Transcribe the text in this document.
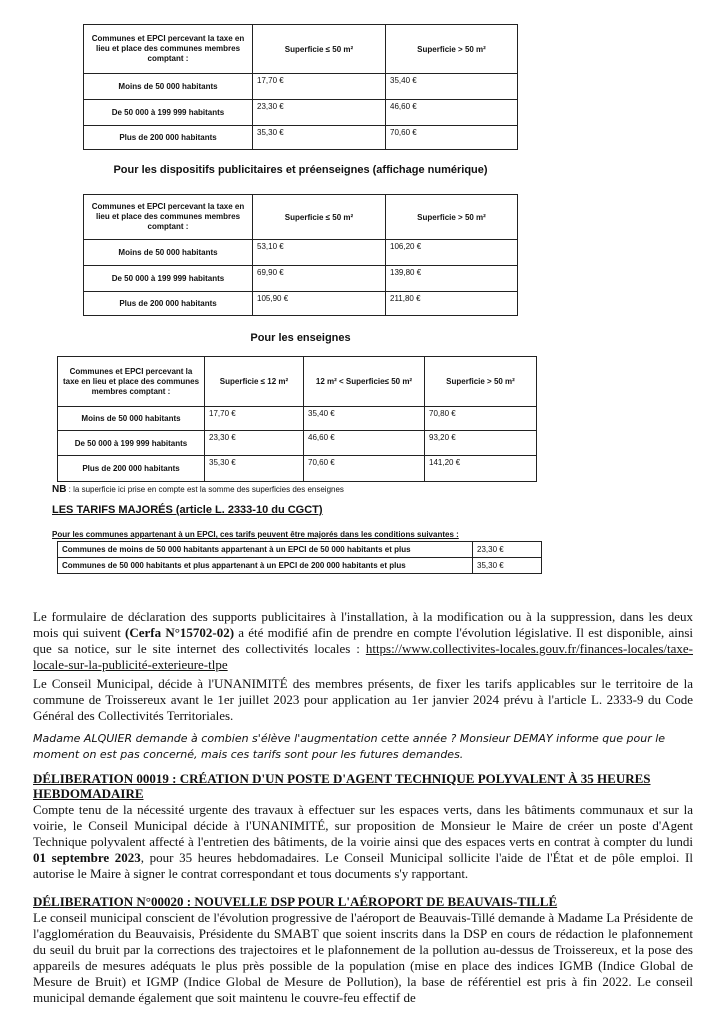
Communes et EPCI percevant la taxe en lieu et place des communes membres comptant :	Superficie ≤ 50 m²	Superficie > 50 m²
Moins de 50 000 habitants	17,70 €	35,40 €
De 50 000 à 199 999 habitants	23,30 €	46,60 €
Plus de 200 000 habitants	35,30 €	70,60 €
Pour les dispositifs publicitaires et préenseignes (affichage numérique)
Communes et EPCI percevant la taxe en lieu et place des communes membres comptant :	Superficie ≤ 50 m²	Superficie > 50 m²
Moins de 50 000 habitants	53,10 €	106,20 €
De 50 000 à 199 999 habitants	69,90 €	139,80 €
Plus de 200 000 habitants	105,90 €	211,80 €
Pour les enseignes
Communes et EPCI percevant la taxe en lieu et place des communes membres comptant :	Superficie ≤ 12 m²	12 m² < Superficie≤ 50 m²	Superficie > 50 m²
Moins de 50 000 habitants	17,70 €	35,40 €	70,80 €
De 50 000 à 199 999 habitants	23,30 €	46,60 €	93,20 €
Plus de 200 000 habitants	35,30 €	70,60 €	141,20 €
NB : la superficie ici prise en compte est la somme des superficies des enseignes
LES TARIFS MAJORÉS (article L. 2333-10 du CGCT)
Pour les communes appartenant à un EPCI, ces tarifs peuvent être majorés dans les conditions suivantes :
Communes de moins de 50 000 habitants appartenant à un EPCI de 50 000 habitants et plus	23,30 €
Communes de 50 000 habitants et plus appartenant à un EPCI de 200 000 habitants et plus	35,30 €
Le formulaire de déclaration des supports publicitaires à l'installation, à la modification ou à la suppression, dans les deux mois qui suivent (Cerfa N°15702-02) a été modifié afin de prendre en compte l'évolution législative. Il est disponible, ainsi que sa notice, sur le site internet des collectivités locales : https://www.collectivites-locales.gouv.fr/finances-locales/taxe-locale-sur-la-publicité-exterieure-tlpe
Le Conseil Municipal, décide à l'UNANIMITÉ des membres présents, de fixer les tarifs applicables sur le territoire de la commune de Troissereux avant le 1er juillet 2023 pour application au 1er janvier 2024 prévu à l'article L. 2333-9 du Code Général des Collectivités Territoriales.
Madame ALQUIER demande à combien s'élève l'augmentation cette année ? Monsieur DEMAY informe que pour le moment on est pas concerné, mais ces tarifs sont pour les futures demandes.
DÉLIBERATION 00019 : CRÉATION D'UN POSTE D'AGENT TECHNIQUE POLYVALENT À 35 HEURES HEBDOMADAIRE
Compte tenu de la nécessité urgente des travaux à effectuer sur les espaces verts, dans les bâtiments communaux et sur la voirie, le Conseil Municipal décide à l'UNANIMITÉ, sur proposition de Monsieur le Maire de créer un poste d'Agent Technique polyvalent affecté à l'entretien des bâtiments, de la voirie ainsi que des espaces verts en contrat à compter du lundi 01 septembre 2023, pour 35 heures hebdomadaires. Le Conseil Municipal sollicite l'aide de l'État et de pôle emploi. Il autorise le Maire à signer le contrat correspondant et tous documents s'y rapportant.
DÉLIBERATION N°00020 : NOUVELLE DSP POUR L'AÉROPORT DE BEAUVAIS-TILLÉ
Le conseil municipal conscient de l'évolution progressive de l'aéroport de Beauvais-Tillé demande à Madame La Présidente de l'agglomération du Beauvaisis, Présidente du SMABT que soient inscrits dans la DSP en cours de rédaction le plafonnement du seuil du bruit par la corrections des trajectoires et le plafonnement de la pollution au-dessus de Troissereux, et la pose des appareils de mesures adéquats le plus près possible de la population (mise en place des indices IGMB (Indice Global de Mesure de Bruit) et IGMP (Indice Global de Mesure de Pollution), la base de référentiel est pris à fin 2022. Le conseil municipal demande également que soit maintenu le couvre-feu effectif de
